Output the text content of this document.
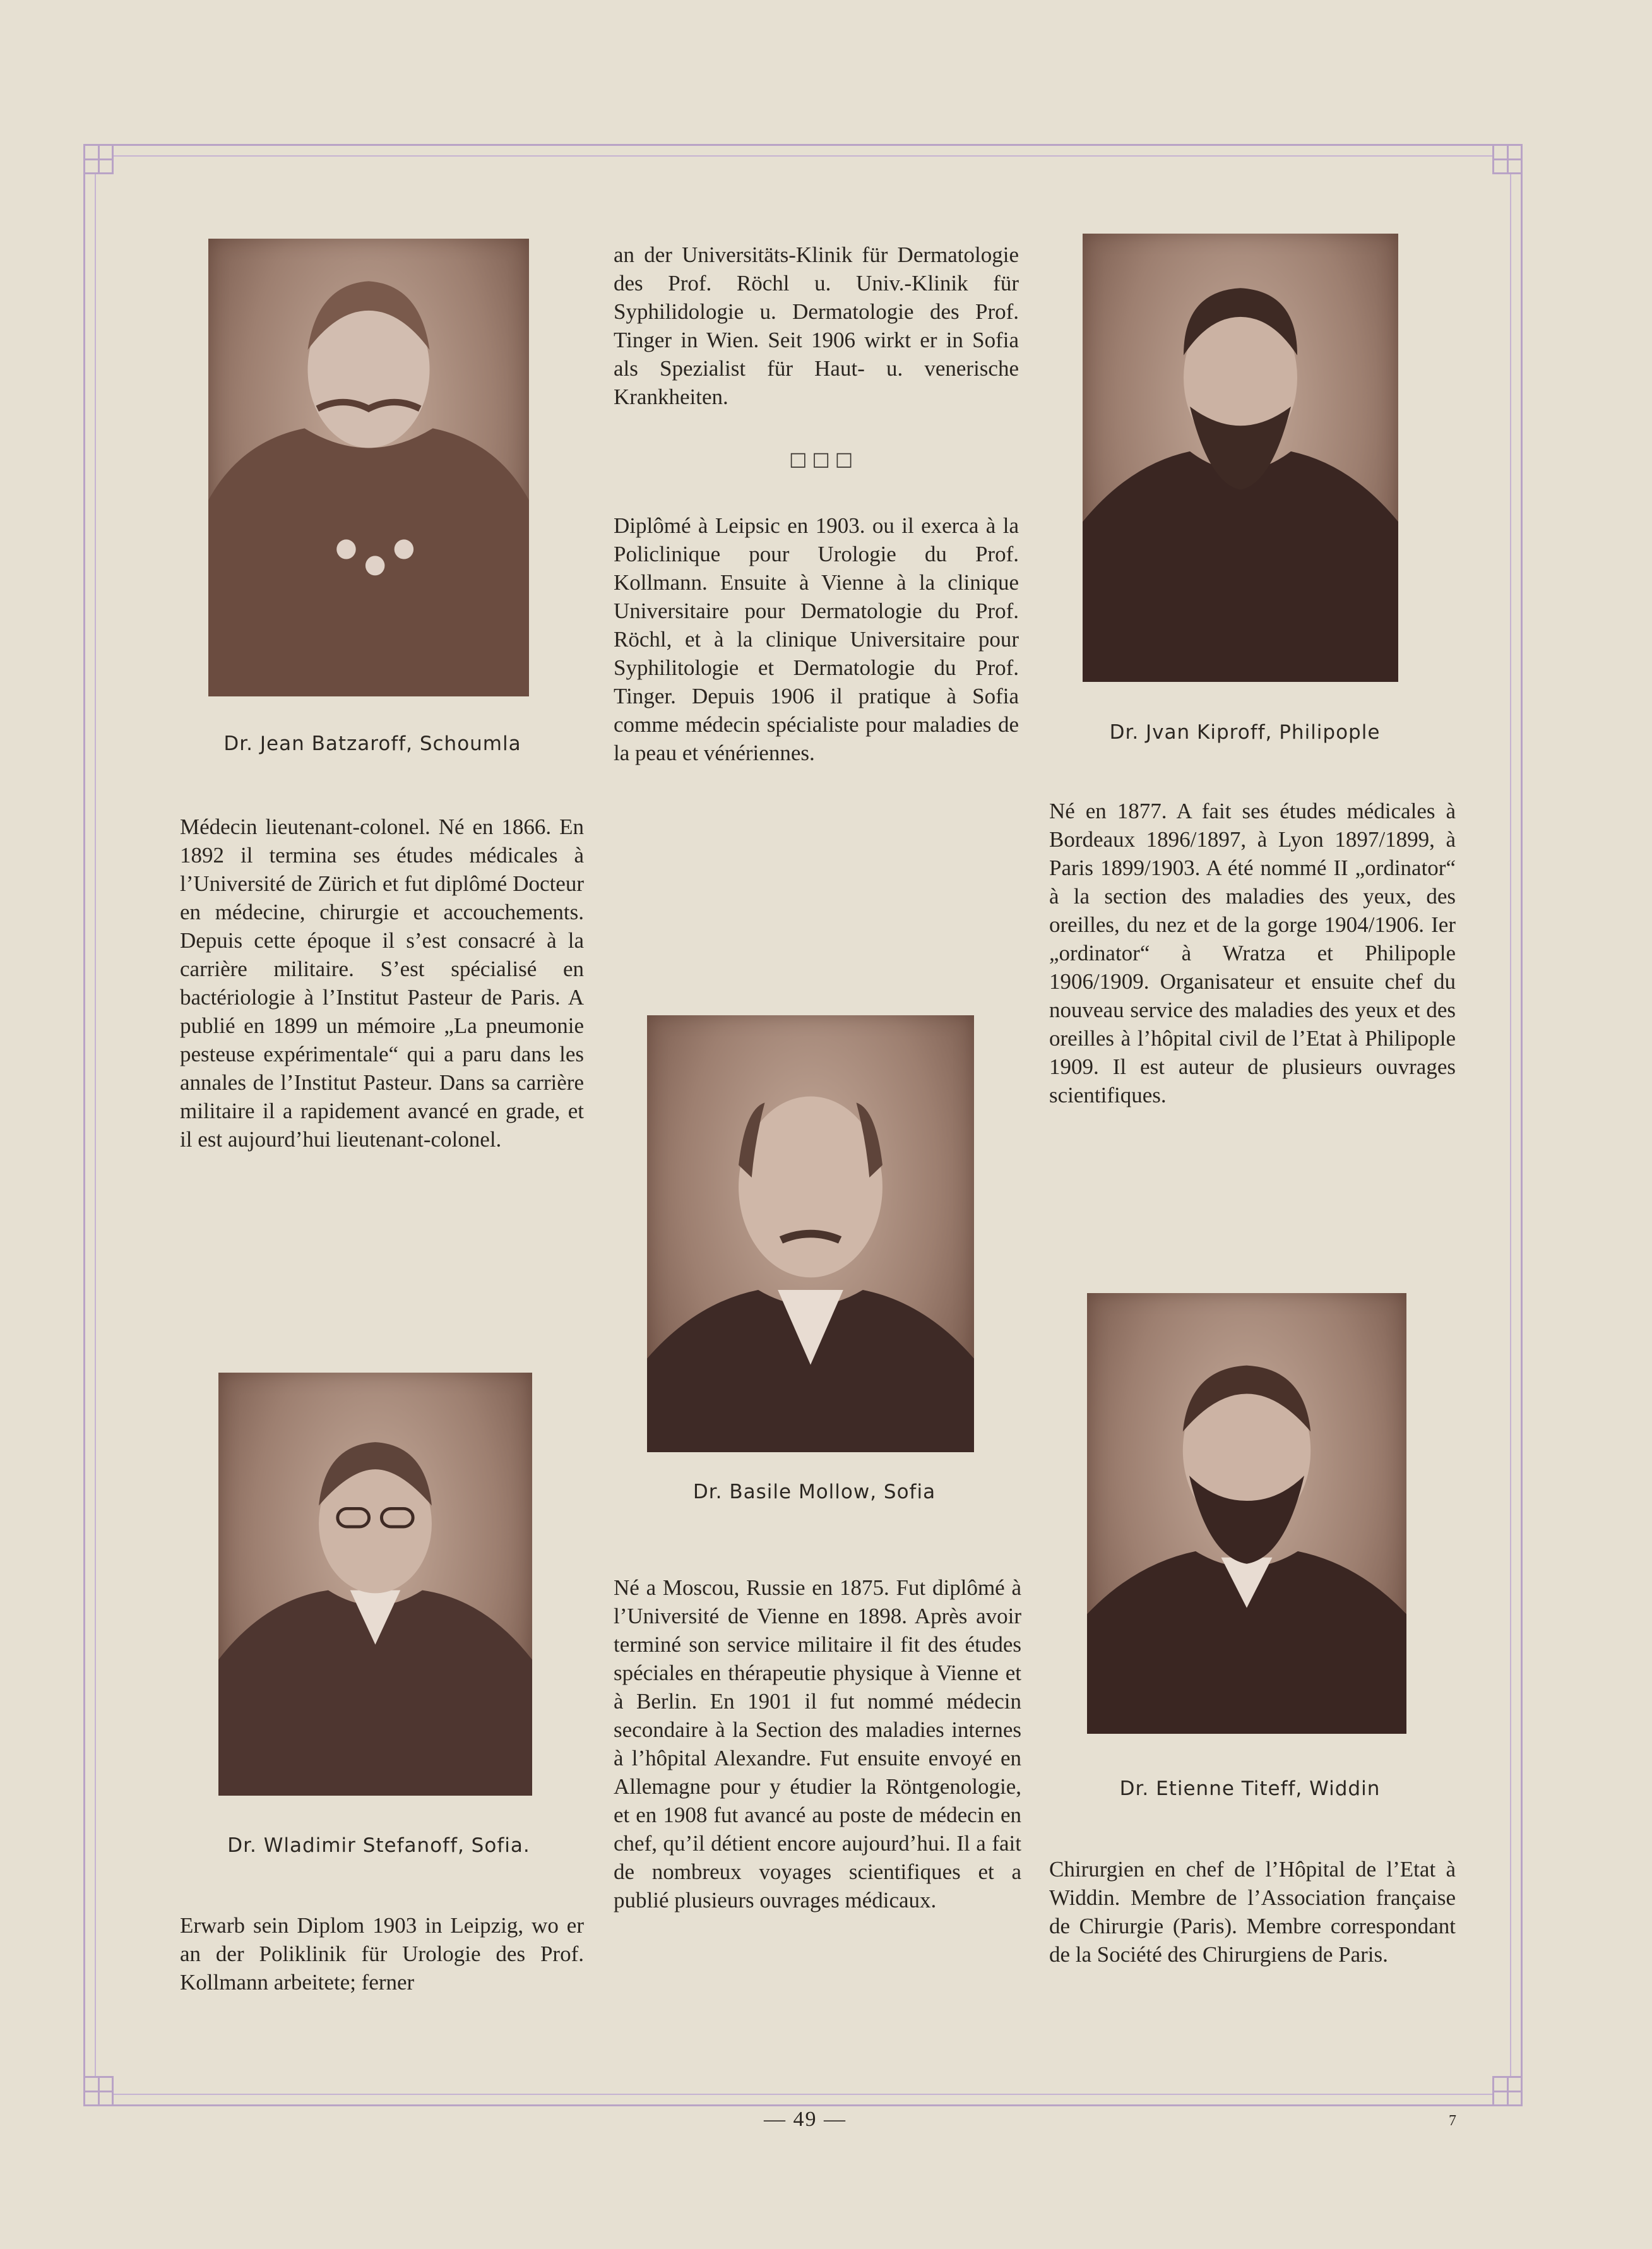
Dr. Jean Batzaroff, Schoumla
Médecin lieutenant-colonel. Né en 1866. En 1892 il termina ses études médicales à l’Université de Zürich et fut diplômé Docteur en médecine, chirurgie et accouchements. Depuis cette époque il s’est consacré à la carrière militaire. S’est spécialisé en bactériologie à l’Institut Pasteur de Paris. A publié en 1899 un mémoire „La pneumonie pesteuse expérimentale“ qui a paru dans les annales de l’Institut Pasteur. Dans sa carrière militaire il a rapidement avancé en grade, et il est aujourd’hui lieutenant-colonel.
Dr. Wladimir Stefanoff, Sofia.
Erwarb sein Diplom 1903 in Leipzig, wo er an der Poliklinik für Urologie des Prof. Kollmann arbeitete; ferner
an der Universitäts-Klinik für Dermatologie des Prof. Röchl u. Univ.-Klinik für Syphilidologie u. Dermatologie des Prof. Tinger in Wien. Seit 1906 wirkt er in Sofia als Spezialist für Haut- u. venerische Krankheiten.
□□□
Diplômé à Leipsic en 1903. ou il exerca à la Policlinique pour Urologie du Prof. Kollmann. Ensuite à Vienne à la clinique Universitaire pour Dermatologie du Prof. Röchl, et à la clinique Universitaire pour Syphilitologie et Dermatologie du Prof. Tinger. Depuis 1906 il pratique à Sofia comme médecin spécialiste pour maladies de la peau et vénériennes.
Dr. Basile Mollow, Sofia
Né a Moscou, Russie en 1875. Fut diplômé à l’Université de Vienne en 1898. Après avoir terminé son service militaire il fit des études spéciales en thérapeutie physique à Vienne et à Berlin. En 1901 il fut nommé médecin secondaire à la Section des maladies internes à l’hôpital Alexandre. Fut ensuite envoyé en Allemagne pour y étudier la Röntgenologie, et en 1908 fut avancé au poste de médecin en chef, qu’il détient encore aujourd’hui. Il a fait de nombreux voyages scientifiques et a publié plusieurs ouvrages médicaux.
Dr. Jvan Kiproff, Philipople
Né en 1877. A fait ses études médicales à Bordeaux 1896/1897, à Lyon 1897/1899, à Paris 1899/1903. A été nommé II „ordinator“ à la section des maladies des yeux, des oreilles, du nez et de la gorge 1904/1906. Ier „ordinator“ à Wratza et Philipople 1906/1909. Organisateur et ensuite chef du nouveau service des maladies des yeux et des oreilles à l’hôpital civil de l’Etat à Philipople 1909. Il est auteur de plusieurs ouvrages scientifiques.
Dr. Etienne Titeff, Widdin
Chirurgien en chef de l’Hôpital de l’Etat à Widdin. Membre de l’Association française de Chirurgie (Paris). Membre correspondant de la Société des Chirurgiens de Paris.
— 49 —	7
